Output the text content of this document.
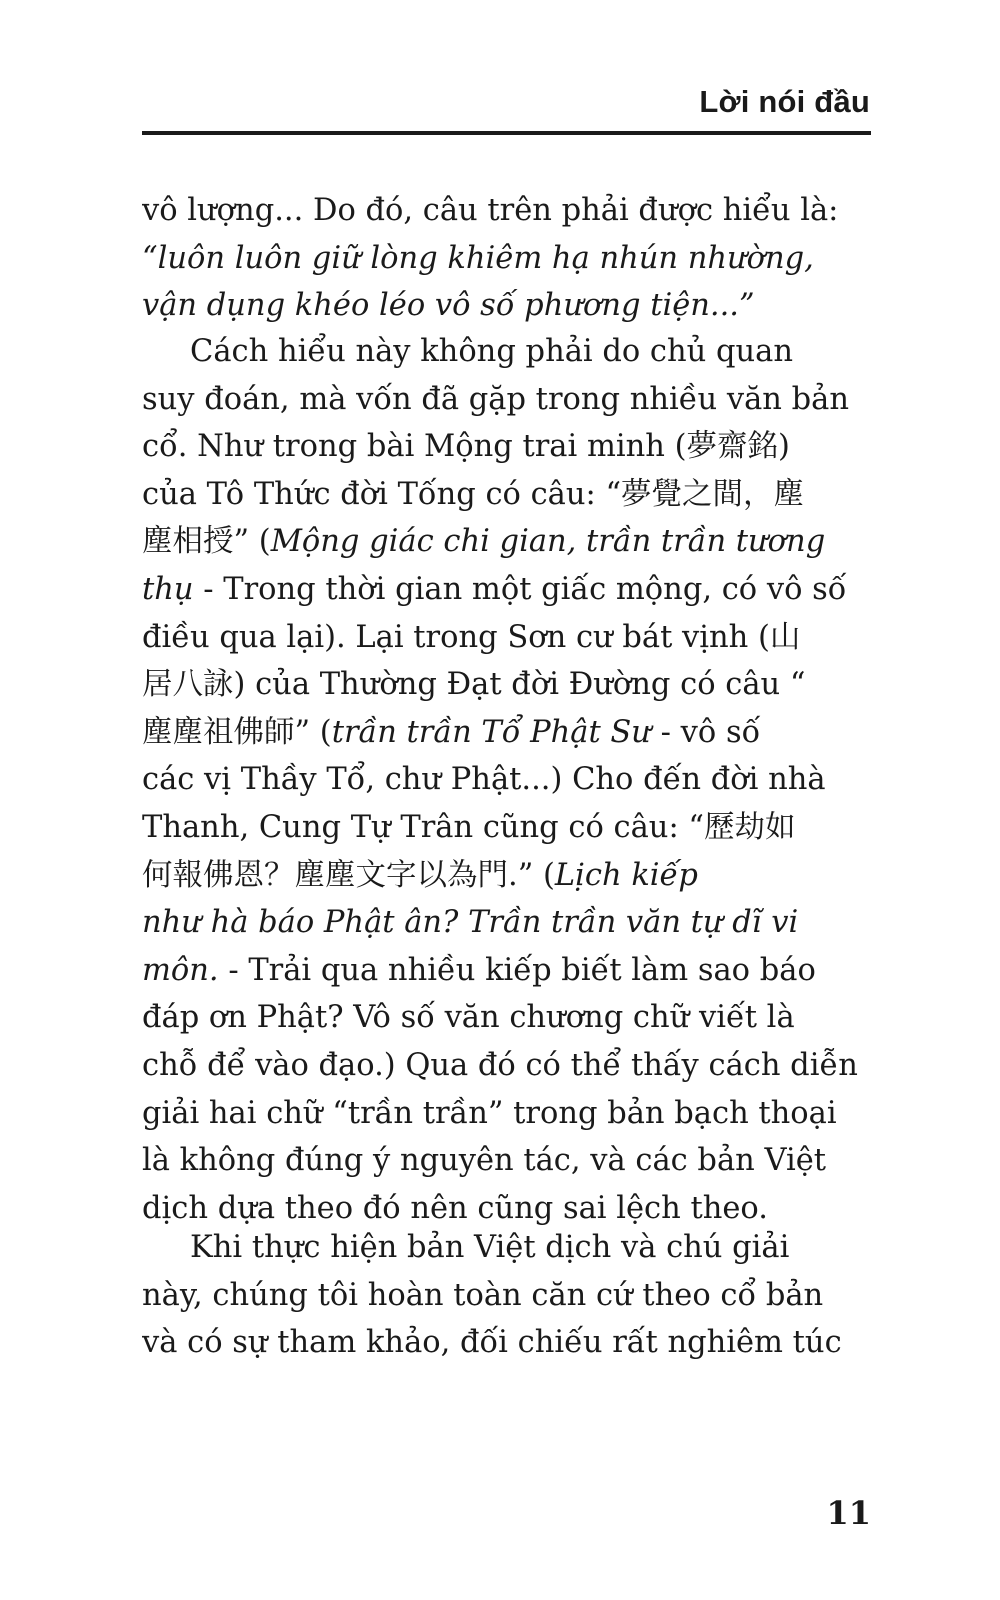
Lời nói đầu
vô lượng... Do đó, câu trên phải được hiểu là:
“luôn luôn giữ lòng khiêm hạ nhún nhường,
vận dụng khéo léo vô số phương tiện...”
Cách hiểu này không phải do chủ quan
suy đoán, mà vốn đã gặp trong nhiều văn bản
cổ. Như trong bài Mộng trai minh (夢齋銘)
của Tô Thức đời Tống có câu: “夢覺之間，塵
塵相授” (Mộng giác chi gian, trần trần tương
thụ - Trong thời gian một giấc mộng, có vô số
điều qua lại). Lại trong Sơn cư bát vịnh (山
居八詠) của Thường Đạt đời Đường có câu “
塵塵祖佛師” (trần trần Tổ Phật Sư - vô số
các vị Thầy Tổ, chư Phật...) Cho đến đời nhà
Thanh, Cung Tự Trân cũng có câu: “歷劫如
何報佛恩？塵塵文字以為門.” (Lịch kiếp
như hà báo Phật ân? Trần trần văn tự dĩ vi
môn. - Trải qua nhiều kiếp biết làm sao báo
đáp ơn Phật? Vô số văn chương chữ viết là
chỗ để vào đạo.) Qua đó có thể thấy cách diễn
giải hai chữ “trần trần” trong bản bạch thoại
là không đúng ý nguyên tác, và các bản Việt
dịch dựa theo đó nên cũng sai lệch theo.
Khi thực hiện bản Việt dịch và chú giải
này, chúng tôi hoàn toàn căn cứ theo cổ bản
và có sự tham khảo, đối chiếu rất nghiêm túc
11
